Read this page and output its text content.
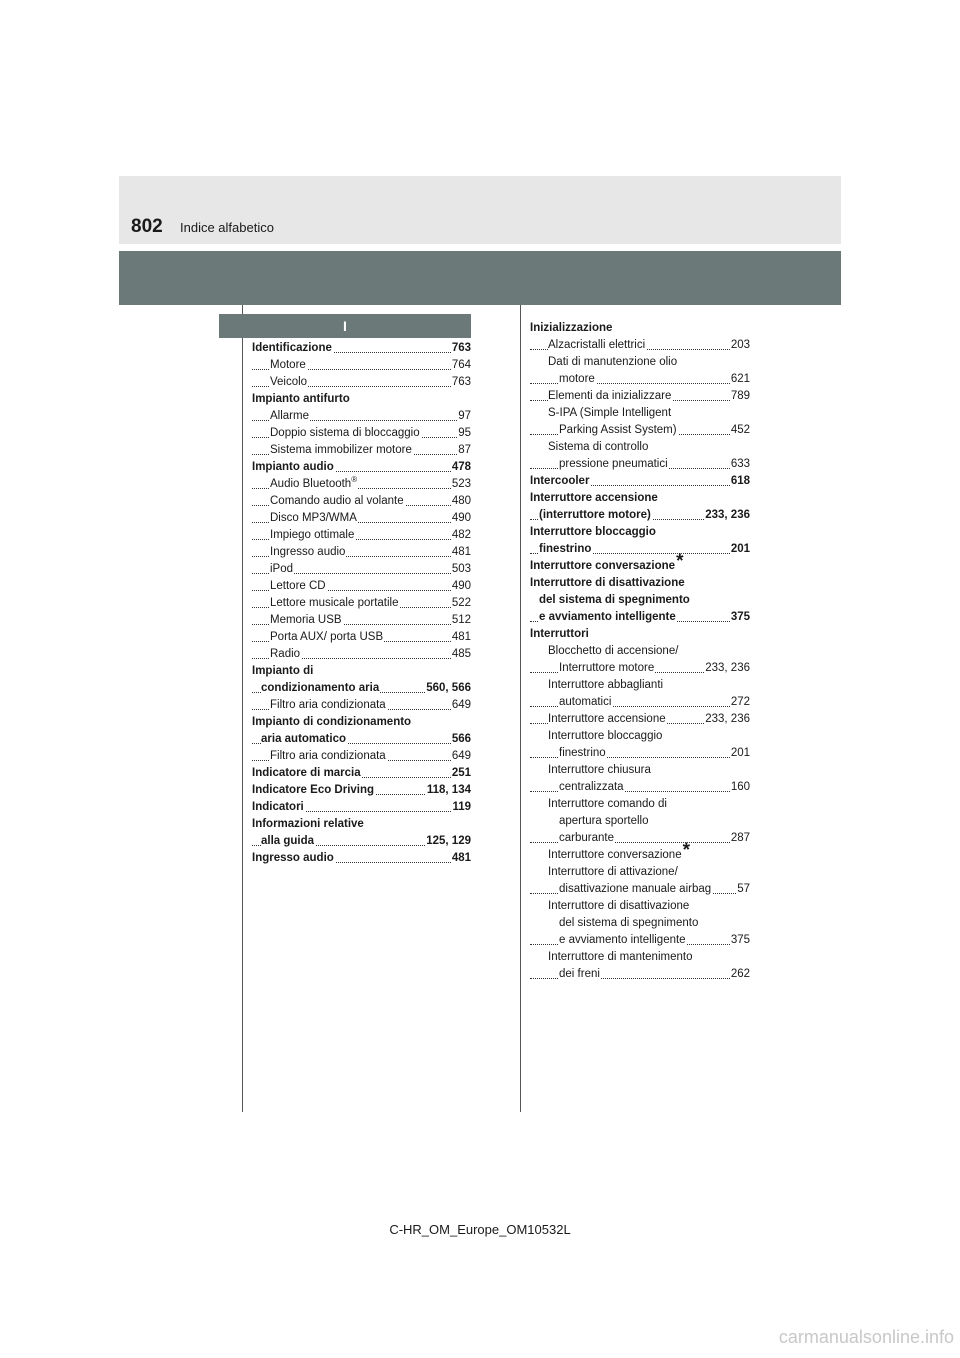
802 Indice alfabetico
I
Identificazione	763
Motore	764
Veicolo	763
Impianto antifurto
Allarme	97
Doppio sistema di bloccaggio	95
Sistema immobilizer motore	87
Impianto audio	478
Audio Bluetooth®	523
Comando audio al volante	480
Disco MP3/WMA	490
Impiego ottimale	482
Ingresso audio	481
iPod	503
Lettore CD	490
Lettore musicale portatile	522
Memoria USB	512
Porta AUX/ porta USB	481
Radio	485
Impianto di
condizionamento aria	560, 566
Filtro aria condizionata	649
Impianto di condizionamento
aria automatico	566
Filtro aria condizionata	649
Indicatore di marcia	251
Indicatore Eco Driving	118, 134
Indicatori	119
Informazioni relative
alla guida	125, 129
Ingresso audio	481
Inizializzazione
Alzacristalli elettrici	203
Dati di manutenzione olio
motore	621
Elementi da inizializzare	789
S-IPA (Simple Intelligent
Parking Assist System)	452
Sistema di controllo
pressione pneumatici	633
Intercooler	618
Interruttore accensione
(interruttore motore)	233, 236
Interruttore bloccaggio
finestrino	201
Interruttore conversazione*
Interruttore di disattivazione
del sistema di spegnimento
e avviamento intelligente	375
Interruttori
Blocchetto di accensione/
Interruttore motore	233, 236
Interruttore abbaglianti
automatici	272
Interruttore accensione	233, 236
Interruttore bloccaggio
finestrino	201
Interruttore chiusura
centralizzata	160
Interruttore comando di
apertura sportello
carburante	287
Interruttore conversazione*
Interruttore di attivazione/
disattivazione manuale airbag 57
Interruttore di disattivazione
del sistema di spegnimento
e avviamento intelligente	375
Interruttore di mantenimento
dei freni	262
C-HR_OM_Europe_OM10532L
carmanualsonline.info
